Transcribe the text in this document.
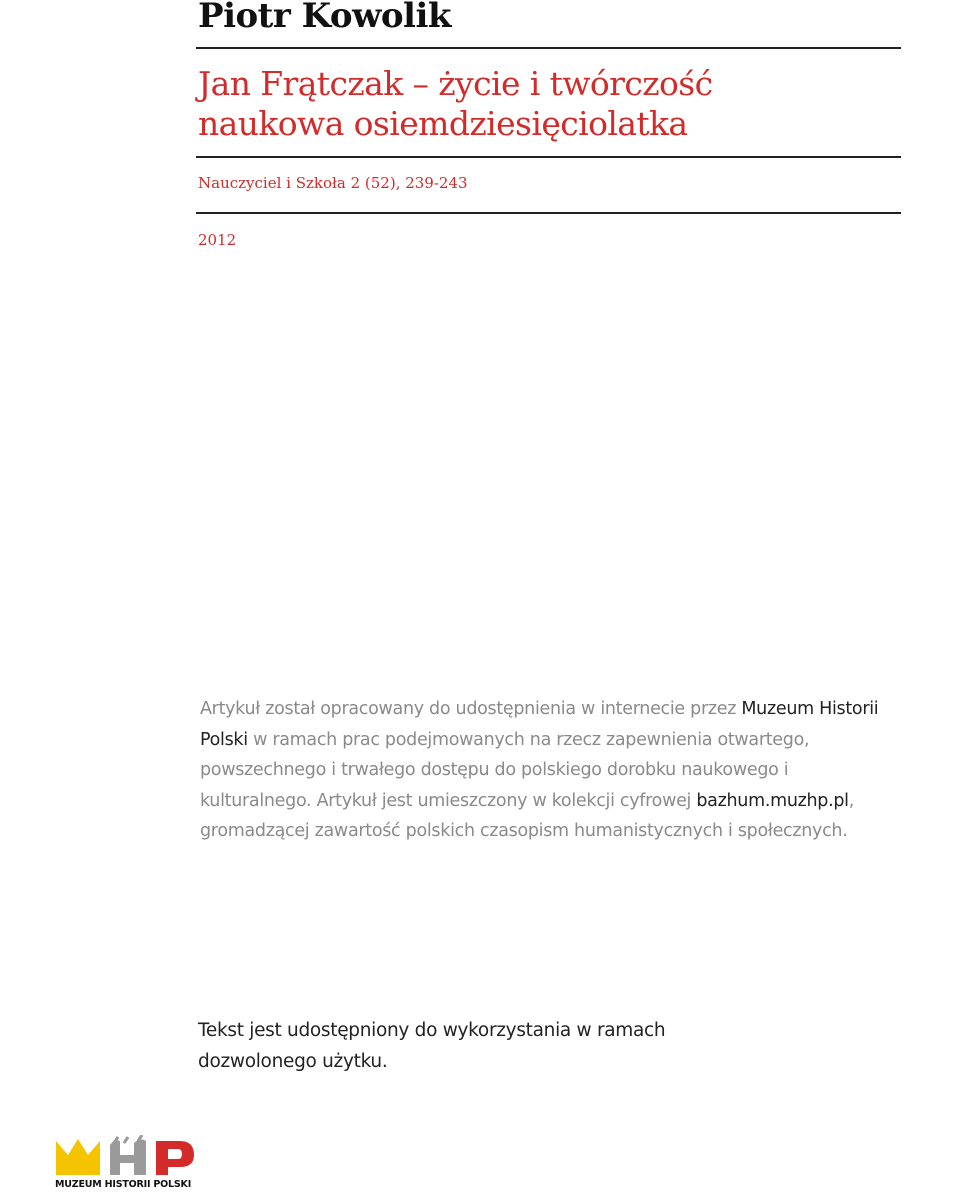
Piotr Kowolik
Jan Frątczak – życie i twórczość
naukowa osiemdziesięciolatka
Nauczyciel i Szkoła 2 (52), 239-243
2012
Artykuł został opracowany do udostępnienia w internecie przez Muzeum Historii Polski w ramach prac podejmowanych na rzecz zapewnienia otwartego, powszechnego i trwałego dostępu do polskiego dorobku naukowego i kulturalnego. Artykuł jest umieszczony w kolekcji cyfrowej bazhum.muzhp.pl, gromadzącej zawartość polskich czasopism humanistycznych i społecznych.
Tekst jest udostępniony do wykorzystania w ramach
dozwolonego użytku.
MUZEUM HISTORII POLSKI
